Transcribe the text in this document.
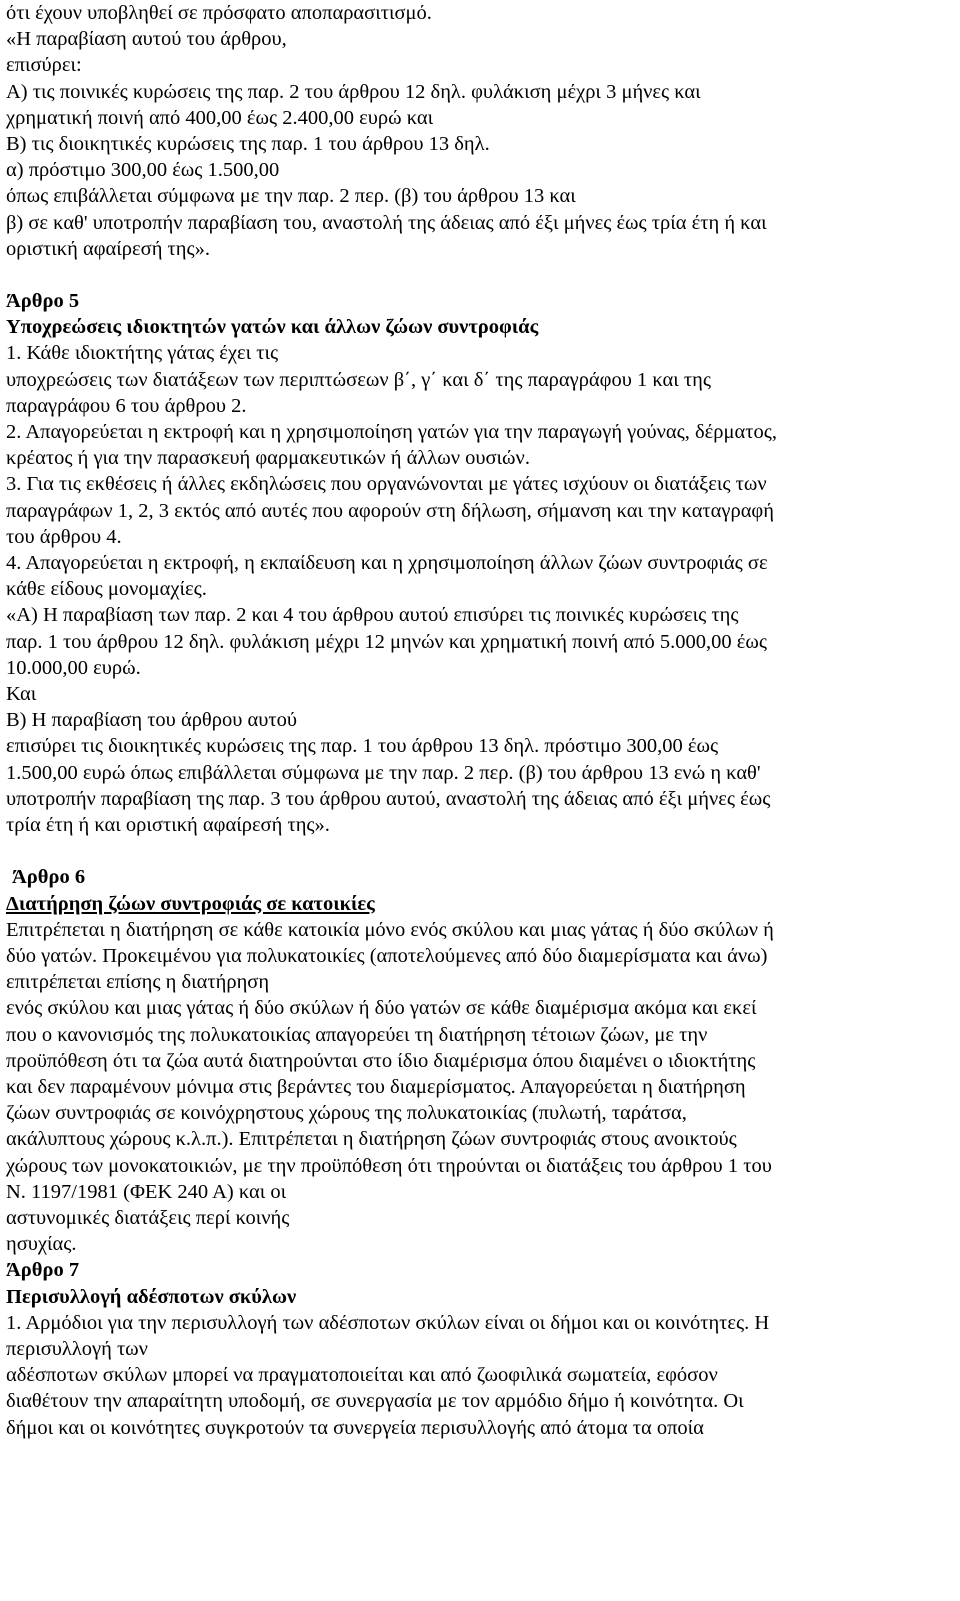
ότι έχουν υποβληθεί σε πρόσφατο αποπαρασιτισμό.
«Η παραβίαση αυτού του άρθρου,
επισύρει:
Α) τις ποινικές κυρώσεις της παρ. 2 του άρθρου 12 δηλ. φυλάκιση μέχρι 3 μήνες και
χρηματική ποινή από 400,00 έως 2.400,00 ευρώ και
Β) τις διοικητικές κυρώσεις της παρ. 1 του άρθρου 13 δηλ.
α) πρόστιμο 300,00 έως 1.500,00
όπως επιβάλλεται σύμφωνα με την παρ. 2 περ. (β) του άρθρου 13 και
β) σε καθ' υποτροπήν παραβίαση του, αναστολή της άδειας από έξι μήνες έως τρία έτη ή και
οριστική αφαίρεσή της».
Άρθρο 5
Υποχρεώσεις ιδιοκτητών γατών και άλλων ζώων συντροφιάς
1. Κάθε ιδιοκτήτης γάτας έχει τις
υποχρεώσεις των διατάξεων των περιπτώσεων β΄, γ΄ και δ΄ της παραγράφου 1 και της
παραγράφου 6 του άρθρου 2.
2. Απαγορεύεται η εκτροφή και η χρησιμοποίηση γατών για την παραγωγή γούνας, δέρματος,
κρέατος ή για την παρασκευή φαρμακευτικών ή άλλων ουσιών.
3. Για τις εκθέσεις ή άλλες εκδηλώσεις που οργανώνονται με γάτες ισχύουν οι διατάξεις των
παραγράφων 1, 2, 3 εκτός από αυτές που αφορούν στη δήλωση, σήμανση και την καταγραφή
του άρθρου 4.
4. Απαγορεύεται η εκτροφή, η εκπαίδευση και η χρησιμοποίηση άλλων ζώων συντροφιάς σε
κάθε είδους μονομαχίες.
«Α) Η παραβίαση των παρ. 2 και 4 του άρθρου αυτού επισύρει τις ποινικές κυρώσεις της
παρ. 1 του άρθρου 12 δηλ. φυλάκιση μέχρι 12 μηνών και χρηματική ποινή από 5.000,00 έως
10.000,00 ευρώ.
Και
Β) Η παραβίαση του άρθρου αυτού
επισύρει τις διοικητικές κυρώσεις της παρ. 1 του άρθρου 13 δηλ. πρόστιμο 300,00 έως
1.500,00 ευρώ όπως επιβάλλεται σύμφωνα με την παρ. 2 περ. (β) του άρθρου 13 ενώ η καθ'
υποτροπήν παραβίαση της παρ. 3 του άρθρου αυτού, αναστολή της άδειας από έξι μήνες έως
τρία έτη ή και οριστική αφαίρεσή της».
Άρθρο 6
Διατήρηση ζώων συντροφιάς σε κατοικίες
Επιτρέπεται η διατήρηση σε κάθε κατοικία μόνο ενός σκύλου και μιας γάτας ή δύο σκύλων ή
δύο γατών. Προκειμένου για πολυκατοικίες (αποτελούμενες από δύο διαμερίσματα και άνω)
επιτρέπεται επίσης η διατήρηση
ενός σκύλου και μιας γάτας ή δύο σκύλων ή δύο γατών σε κάθε διαμέρισμα ακόμα και εκεί
που ο κανονισμός της πολυκατοικίας απαγορεύει τη διατήρηση τέτοιων ζώων, με την
προϋπόθεση ότι τα ζώα αυτά διατηρούνται στο ίδιο διαμέρισμα όπου διαμένει ο ιδιοκτήτης
και δεν παραμένουν μόνιμα στις βεράντες του διαμερίσματος. Απαγορεύεται η διατήρηση
ζώων συντροφιάς σε κοινόχρηστους χώρους της πολυκατοικίας (πυλωτή, ταράτσα,
ακάλυπτους χώρους κ.λ.π.). Επιτρέπεται η διατήρηση ζώων συντροφιάς στους ανοικτούς
χώρους των μονοκατοικιών, με την προϋπόθεση ότι τηρούνται οι διατάξεις του άρθρου 1 του
Ν. 1197/1981 (ΦΕΚ 240 Α) και οι
αστυνομικές διατάξεις περί κοινής
ησυχίας.
Άρθρο 7
Περισυλλογή αδέσποτων σκύλων
1. Αρμόδιοι για την περισυλλογή των αδέσποτων σκύλων είναι οι δήμοι και οι κοινότητες. Η
περισυλλογή των
αδέσποτων σκύλων μπορεί να πραγματοποιείται και από ζωοφιλικά σωματεία, εφόσον
διαθέτουν την απαραίτητη υποδομή, σε συνεργασία με τον αρμόδιο δήμο ή κοινότητα. Οι
δήμοι και οι κοινότητες συγκροτούν τα συνεργεία περισυλλογής από άτομα τα οποία
